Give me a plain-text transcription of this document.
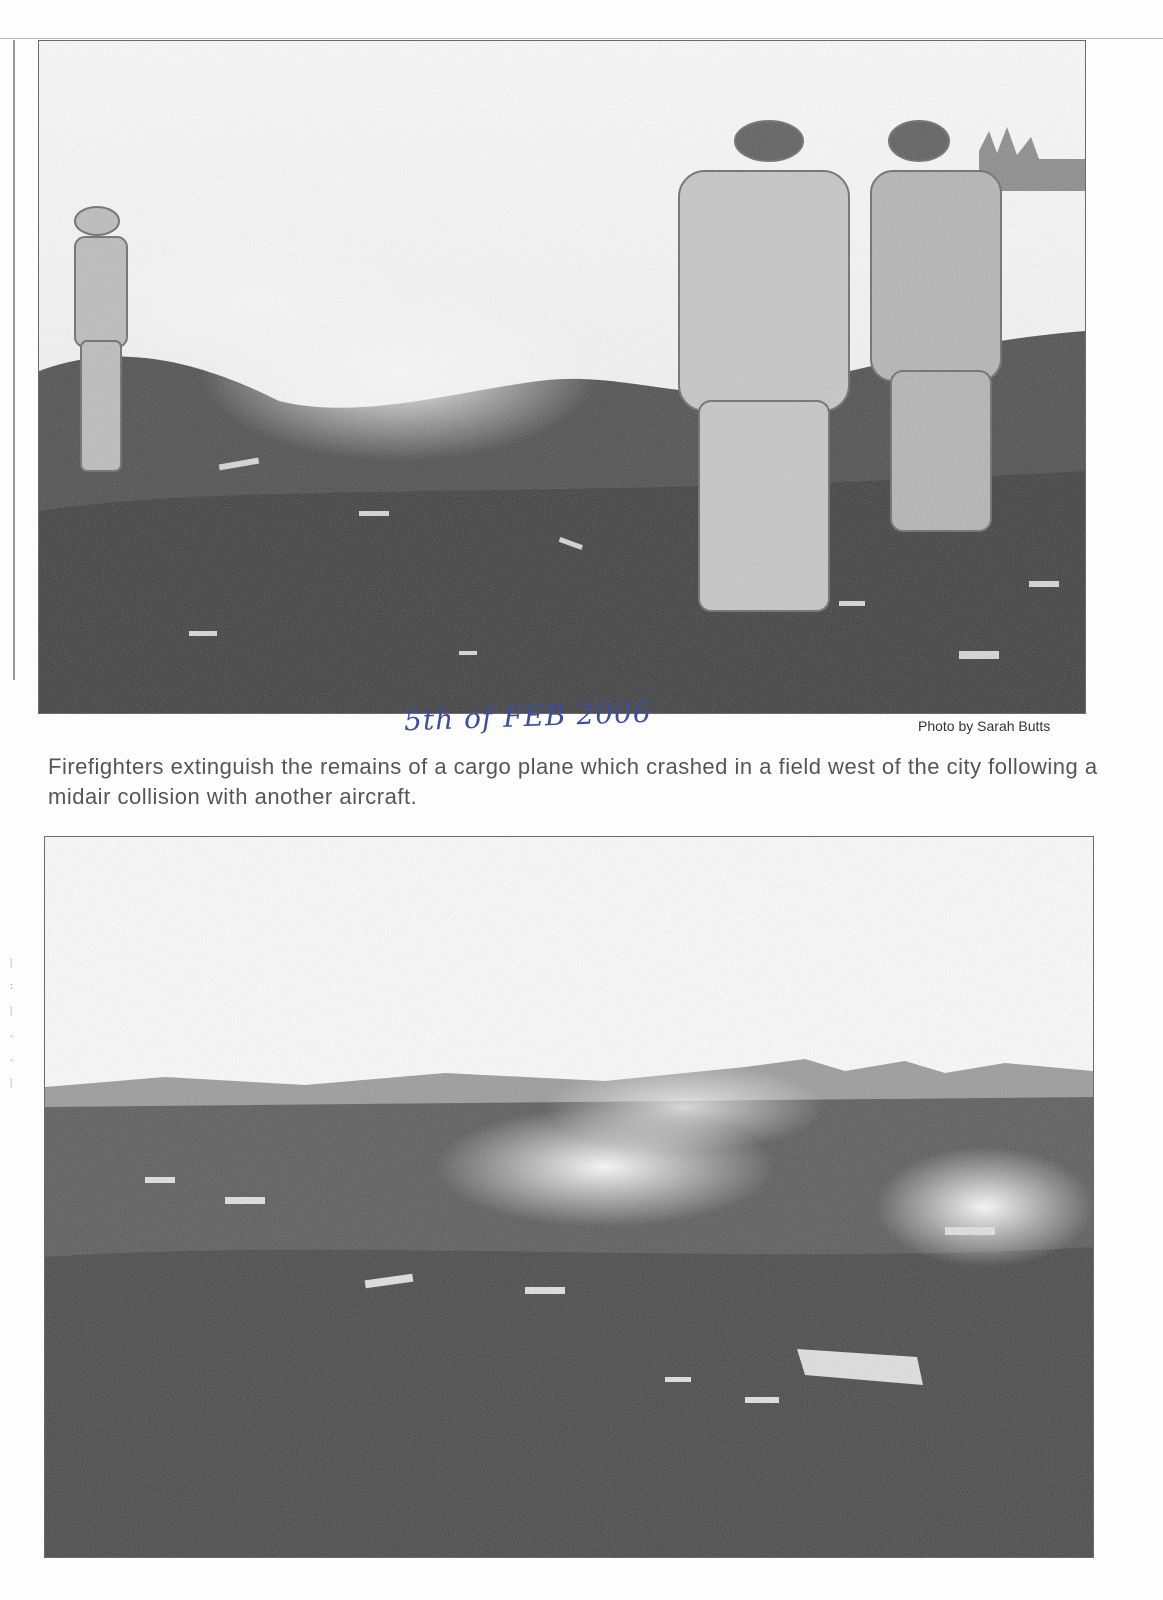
5th of FEB 2006	Photo by Sarah Butts
Firefighters extinguish the remains of a cargo plane which crashed in a field west of the city following a midair collision with another aircraft.
|
:
|
.
.
|
